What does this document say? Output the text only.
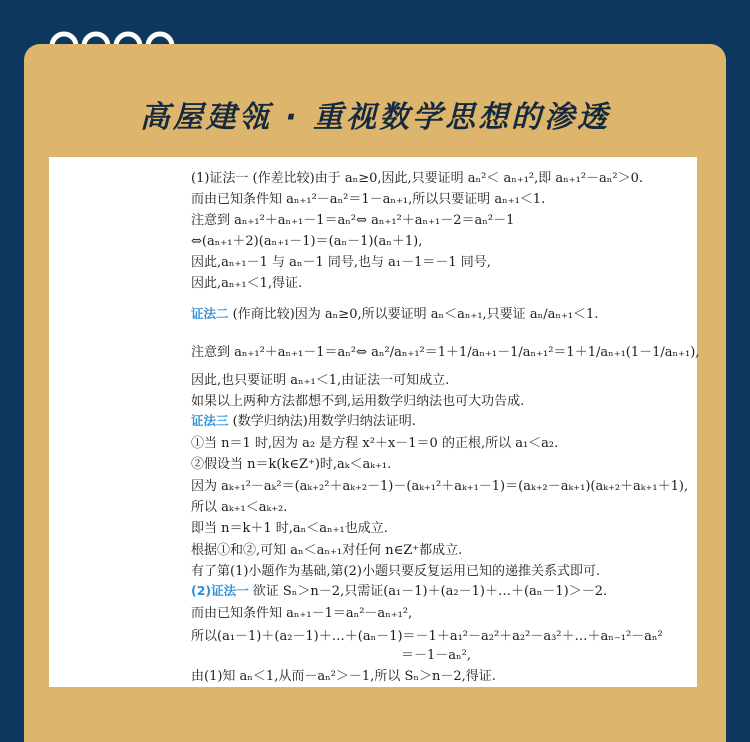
高屋建瓴 · 重视数学思想的渗透
(1)证法一 (作差比较)由于 aₙ≥0,因此,只要证明 aₙ²＜ aₙ₊₁²,即 aₙ₊₁²－aₙ²＞0.
而由已知条件知 aₙ₊₁²－aₙ²＝1－aₙ₊₁,所以只要证明 aₙ₊₁＜1.
注意到 aₙ₊₁²＋aₙ₊₁－1＝aₙ²⇔ aₙ₊₁²＋aₙ₊₁－2＝aₙ²－1
⇔(aₙ₊₁＋2)(aₙ₊₁－1)＝(aₙ－1)(aₙ＋1),
因此,aₙ₊₁－1 与 aₙ－1 同号,也与 a₁－1＝－1 同号,
因此,aₙ₊₁＜1,得证.
证法二 (作商比较)因为 aₙ≥0,所以要证明 aₙ＜aₙ₊₁,只要证 aₙ/aₙ₊₁＜1.
注意到 aₙ₊₁²＋aₙ₊₁－1＝aₙ²⇔ aₙ²/aₙ₊₁²＝1＋1/aₙ₊₁－1/aₙ₊₁²＝1＋1/aₙ₊₁(1－1/aₙ₊₁),
因此,也只要证明 aₙ₊₁＜1,由证法一可知成立.
如果以上两种方法都想不到,运用数学归纳法也可大功告成.
证法三 (数学归纳法)用数学归纳法证明.
①当 n＝1 时,因为 a₂ 是方程 x²＋x－1＝0 的正根,所以 a₁＜a₂.
②假设当 n＝k(k∈Z⁺)时,aₖ＜aₖ₊₁.
因为 aₖ₊₁²－aₖ²＝(aₖ₊₂²＋aₖ₊₂－1)－(aₖ₊₁²＋aₖ₊₁－1)＝(aₖ₊₂－aₖ₊₁)(aₖ₊₂＋aₖ₊₁＋1),
所以 aₖ₊₁＜aₖ₊₂.
即当 n＝k＋1 时,aₙ＜aₙ₊₁也成立.
根据①和②,可知 aₙ＜aₙ₊₁对任何 n∈Z⁺都成立.
有了第(1)小题作为基础,第(2)小题只要反复运用已知的递推关系式即可.
(2)证法一 欲证 Sₙ＞n－2,只需证(a₁－1)＋(a₂－1)＋…＋(aₙ－1)＞－2.
而由已知条件知 aₙ₊₁－1＝aₙ²－aₙ₊₁²,
所以(a₁－1)＋(a₂－1)＋…＋(aₙ－1)＝－1＋a₁²－a₂²＋a₂²－a₃²＋…＋aₙ₋₁²－aₙ²
＝－1－aₙ²,
由(1)知 aₙ＜1,从而－aₙ²＞－1,所以 Sₙ＞n－2,得证.
